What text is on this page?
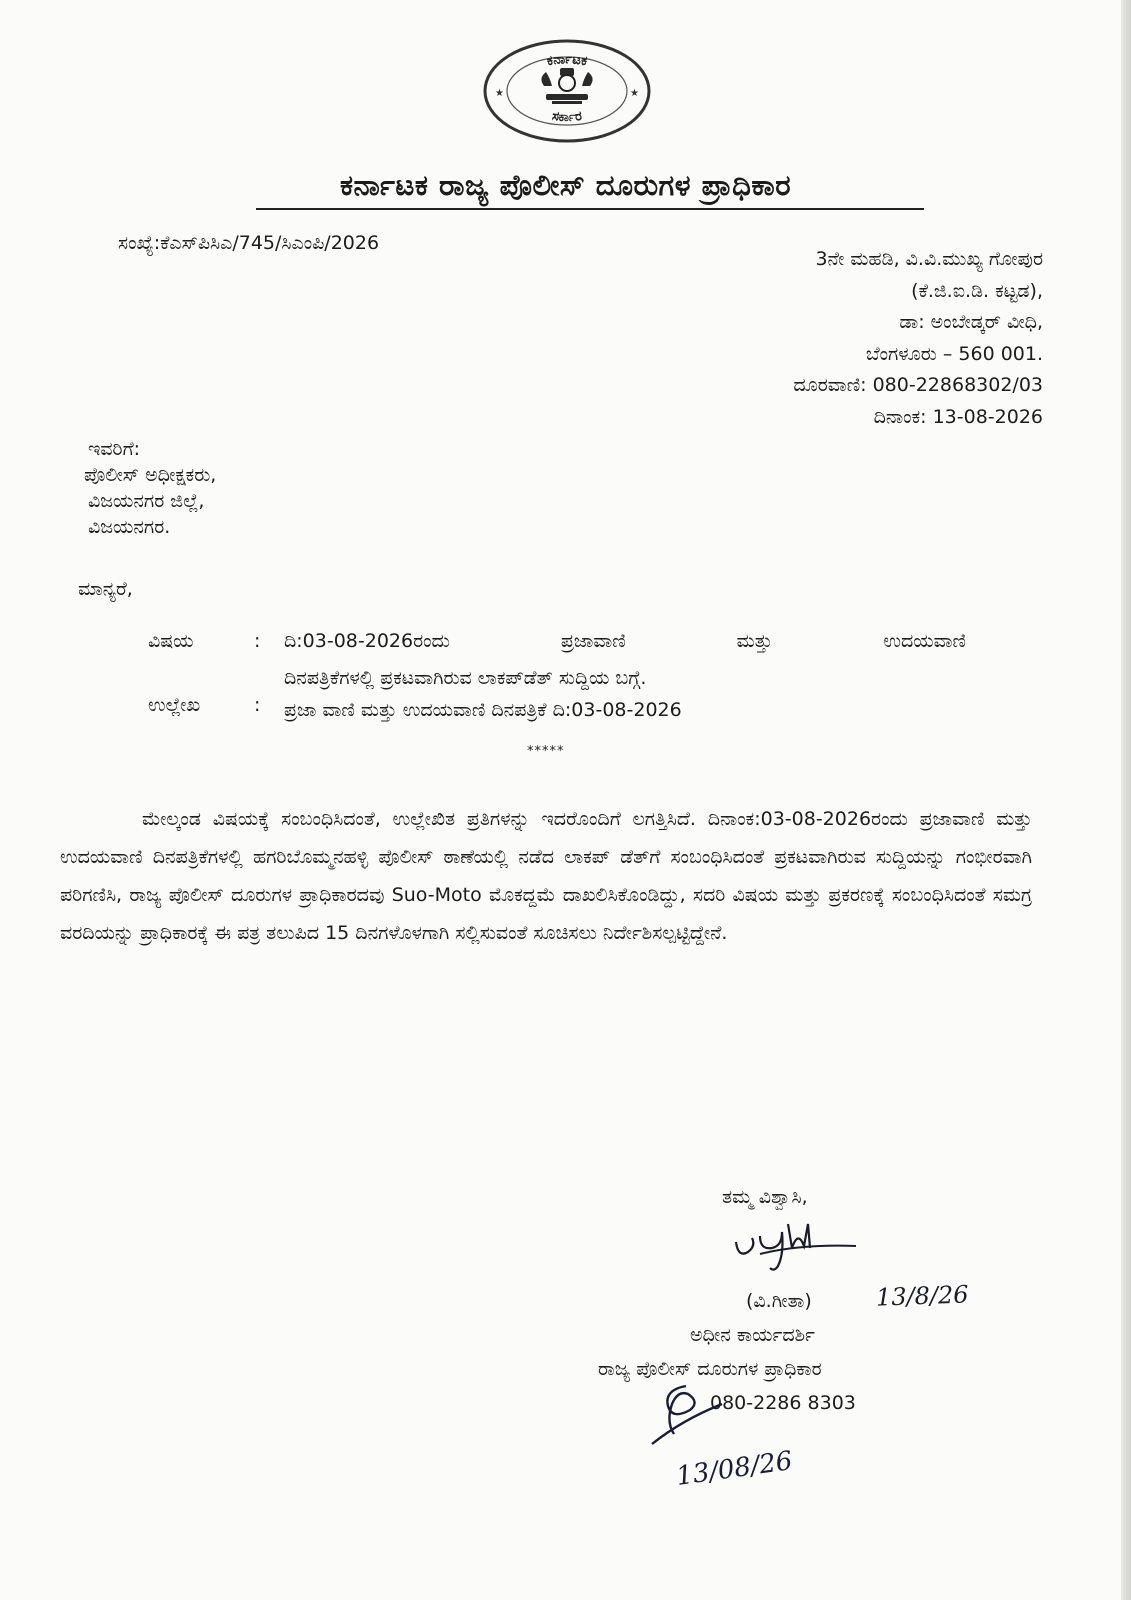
ಕರ್ನಾಟಕ
ಸರ್ಕಾರ
★	★
ಕರ್ನಾಟಕ ರಾಜ್ಯ ಪೊಲೀಸ್ ದೂರುಗಳ ಪ್ರಾಧಿಕಾರ
ಸಂಖ್ಯೆ:ಕೆಎಸ್‌ಪಿಸಿಎ/745/ಸಿಎಂಪಿ/2026
3ನೇ ಮಹಡಿ, ವಿ.ವಿ.ಮುಖ್ಯ ಗೋಪುರ
(ಕೆ.ಜಿ.ಐ.ಡಿ. ಕಟ್ಟಡ),
ಡಾ: ಅಂಬೇಡ್ಕರ್ ವೀಧಿ,
ಬೆಂಗಳೂರು – 560 001.
ದೂರವಾಣಿ: 080-22868302/03
ದಿನಾಂಕ: 13-08-2026
ಇವರಿಗೆ:
ಪೊಲೀಸ್ ಅಧೀಕ್ಷಕರು,
ವಿಜಯನಗರ ಜಿಲ್ಲೆ,
ವಿಜಯನಗರ.
ಮಾನ್ಯರೆ,
ವಿಷಯ	: ದಿ:03-08-2026ರಂದು	ಪ್ರಜಾವಾಣಿ	ಮತ್ತು	ಉದಯವಾಣಿ
ದಿನಪತ್ರಿಕೆಗಳಲ್ಲಿ ಪ್ರಕಟವಾಗಿರುವ ಲಾಕಪ್‌ಡೆತ್ ಸುದ್ದಿಯ ಬಗ್ಗೆ.
ಉಲ್ಲೇಖ	: ಪ್ರಜಾ ವಾಣಿ ಮತ್ತು ಉದಯವಾಣಿ ದಿನಪತ್ರಿಕೆ ದಿ:03-08-2026
*****
ಮೇಲ್ಕಂಡ ವಿಷಯಕ್ಕೆ ಸಂಬಂಧಿಸಿದಂತೆ, ಉಲ್ಲೇಖಿತ ಪ್ರತಿಗಳನ್ನು ಇದರೊಂದಿಗೆ ಲಗತ್ತಿಸಿದೆ. ದಿನಾಂಕ:03-08-2026ರಂದು ಪ್ರಜಾವಾಣಿ ಮತ್ತು ಉದಯವಾಣಿ ದಿನಪತ್ರಿಕೆಗಳಲ್ಲಿ ಹಗರಿಬೊಮ್ಮನಹಳ್ಳಿ ಪೊಲೀಸ್ ಠಾಣೆಯಲ್ಲಿ ನಡೆದ ಲಾಕಪ್ ಡೆತ್‌ಗೆ ಸಂಬಂಧಿಸಿದಂತೆ ಪ್ರಕಟವಾಗಿರುವ ಸುದ್ದಿಯನ್ನು ಗಂಭೀರವಾಗಿ ಪರಿಗಣಿಸಿ, ರಾಜ್ಯ ಪೊಲೀಸ್ ದೂರುಗಳ ಪ್ರಾಧಿಕಾರದವು Suo-Moto ಮೊಕದ್ದಮೆ ದಾಖಲಿಸಿಕೊಂಡಿದ್ದು, ಸದರಿ ವಿಷಯ ಮತ್ತು ಪ್ರಕರಣಕ್ಕೆ ಸಂಬಂಧಿಸಿದಂತೆ ಸಮಗ್ರ ವರದಿಯನ್ನು ಪ್ರಾಧಿಕಾರಕ್ಕೆ ಈ ಪತ್ರ ತಲುಪಿದ 15 ದಿನಗಳೊಳಗಾಗಿ ಸಲ್ಲಿಸುವಂತೆ ಸೂಚಿಸಲು ನಿರ್ದೇಶಿಸಲ್ಪಟ್ಟಿದ್ದೇನೆ.
ತಮ್ಮ ವಿಶ್ವಾಸಿ,
(ವಿ.ಗೀತಾ)	13/8/26
ಅಧೀನ ಕಾರ್ಯದರ್ಶಿ
ರಾಜ್ಯ ಪೊಲೀಸ್ ದೂರುಗಳ ಪ್ರಾಧಿಕಾರ
080-2286 8303
13/08/26
